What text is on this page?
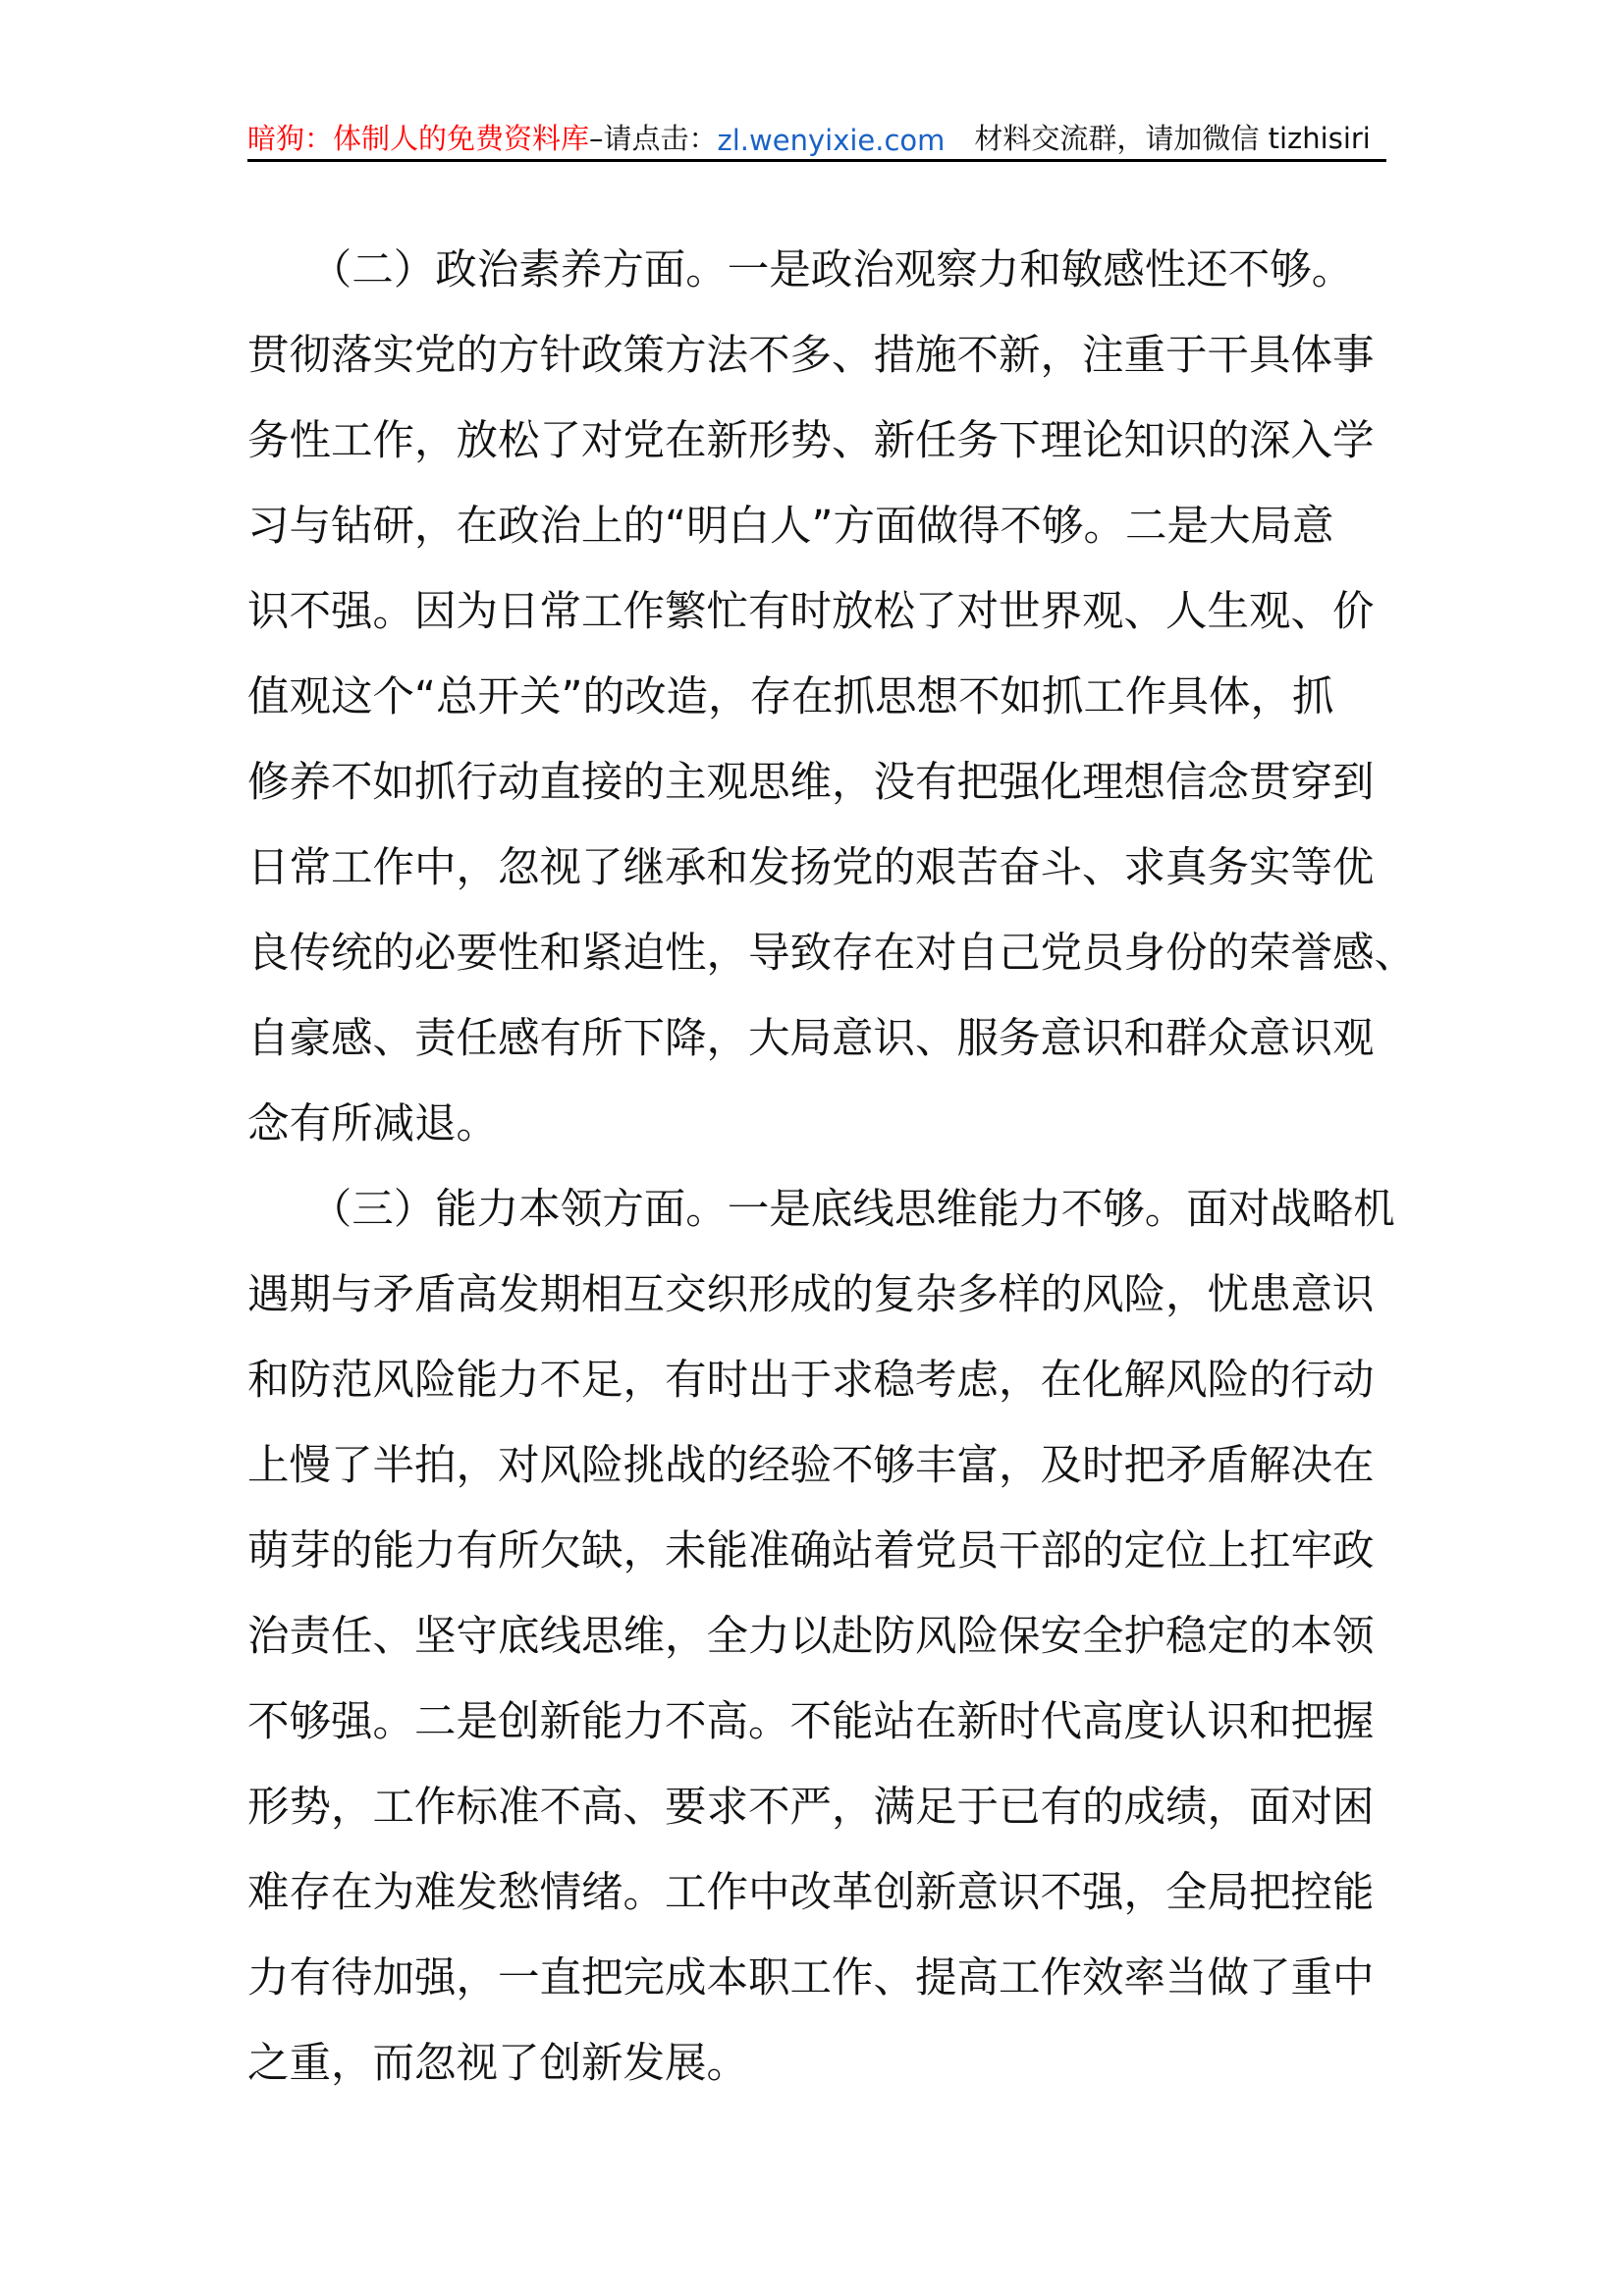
暗狗：体制人的免费资料库 –请点击： zl.wenyixie.com 材料交流群，请加微信 tizhisiri
　　（二）政治素养方面。一是政治观察力和敏感性还不够。
贯彻落实党的方针政策方法不多、措施不新，注重于干具体事
务性工作，放松了对党在新形势、新任务下理论知识的深入学
习与钻研，在政治上的“明白人”方面做得不够。二是大局意
识不强。因为日常工作繁忙有时放松了对世界观、人生观、价
值观这个“总开关”的改造，存在抓思想不如抓工作具体，抓
修养不如抓行动直接的主观思维，没有把强化理想信念贯穿到
日常工作中，忽视了继承和发扬党的艰苦奋斗、求真务实等优
良传统的必要性和紧迫性，导致存在对自己党员身份的荣誉感、
自豪感、责任感有所下降，大局意识、服务意识和群众意识观
念有所减退。
　　（三）能力本领方面。一是底线思维能力不够。面对战略机
遇期与矛盾高发期相互交织形成的复杂多样的风险，忧患意识
和防范风险能力不足，有时出于求稳考虑，在化解风险的行动
上慢了半拍，对风险挑战的经验不够丰富，及时把矛盾解决在
萌芽的能力有所欠缺，未能准确站着党员干部的定位上扛牢政
治责任、坚守底线思维，全力以赴防风险保安全护稳定的本领
不够强。二是创新能力不高。不能站在新时代高度认识和把握
形势，工作标准不高、要求不严，满足于已有的成绩，面对困
难存在为难发愁情绪。工作中改革创新意识不强，全局把控能
力有待加强，一直把完成本职工作、提高工作效率当做了重中
之重，而忽视了创新发展。
